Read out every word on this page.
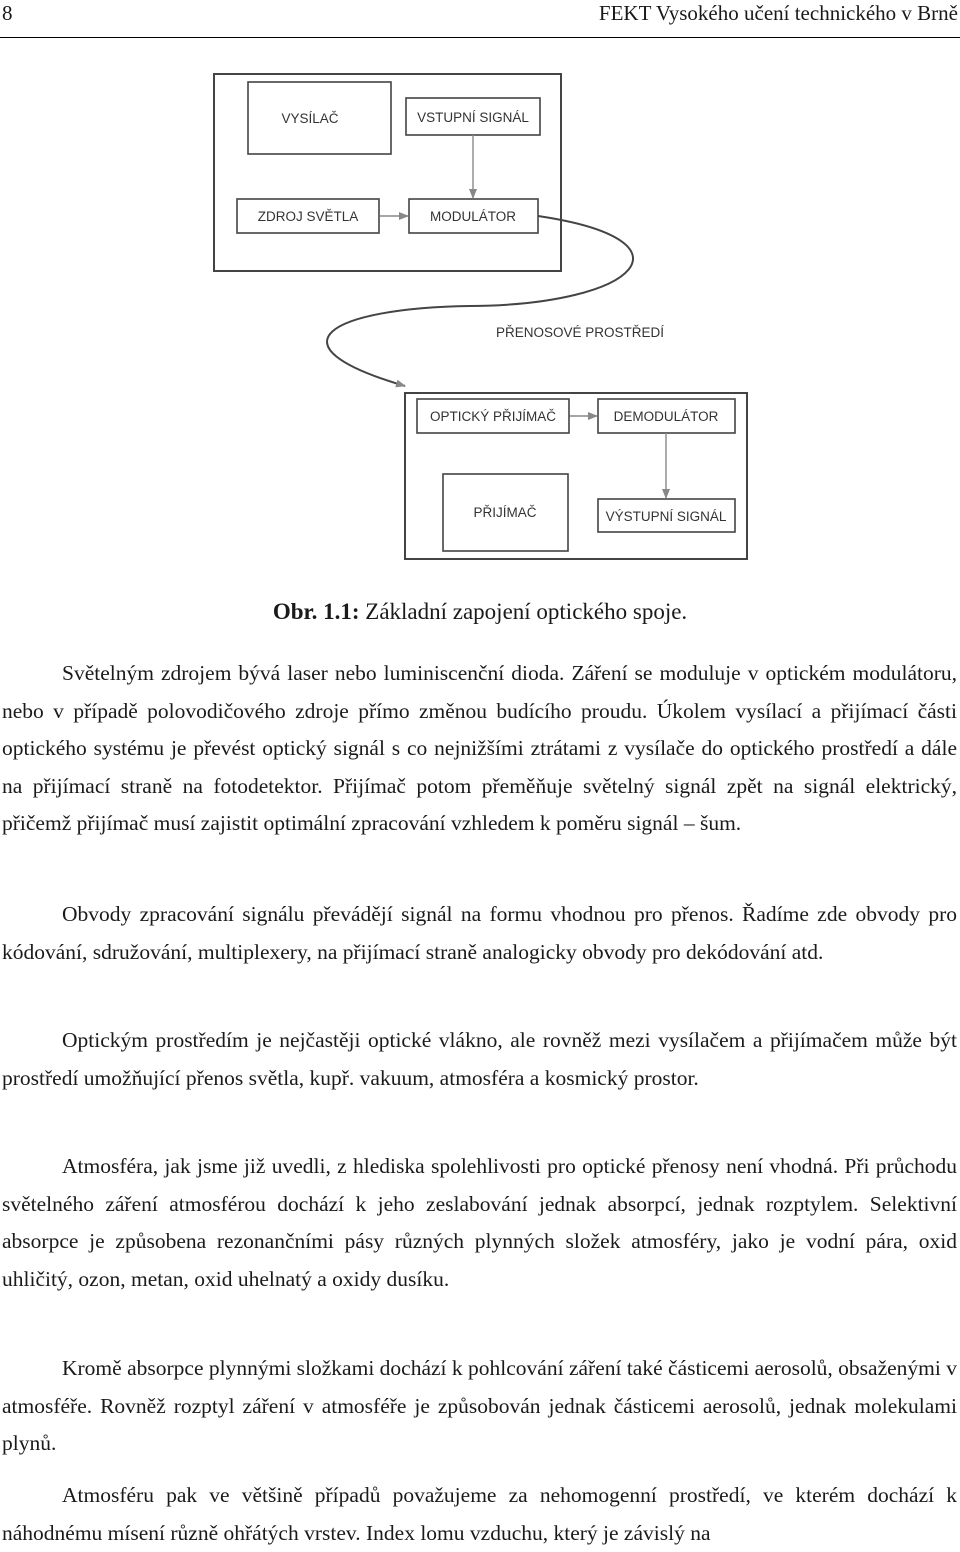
8	FEKT Vysokého učení technického v Brně
VYSÍLAČ	VSTUPNÍ SIGNÁL
ZDROJ SVĚTLA	MODULÁTOR
PŘENOSOVÉ PROSTŘEDÍ
OPTICKÝ PŘIJÍMAČ	DEMODULÁTOR
PŘIJÍMAČ	VÝSTUPNÍ SIGNÁL
Obr. 1.1: Základní zapojení optického spoje.

Světelným zdrojem bývá laser nebo luminiscenční dioda. Záření se moduluje v optickém modulátoru, nebo v případě polovodičového zdroje přímo změnou budícího proudu. Úkolem vysílací a přijímací části optického systému je převést optický signál s co nejnižšími ztrátami z vysílače do optického prostředí a dále na přijímací straně na fotodetektor. Přijímač potom přeměňuje světelný signál zpět na signál elektrický, přičemž přijímač musí zajistit optimální zpracování vzhledem k poměru signál – šum.

Obvody zpracování signálu převádějí signál na formu vhodnou pro přenos. Řadíme zde obvody pro kódování, sdružování, multiplexery, na přijímací straně analogicky obvody pro dekódování atd.

Optickým prostředím je nejčastěji optické vlákno, ale rovněž mezi vysílačem a přijímačem může být prostředí umožňující přenos světla, kupř. vakuum, atmosféra a kosmický prostor.

Atmosféra, jak jsme již uvedli, z hlediska spolehlivosti pro optické přenosy není vhodná. Při průchodu světelného záření atmosférou dochází k jeho zeslabování jednak absorpcí, jednak rozptylem. Selektivní absorpce je způsobena rezonančními pásy různých plynných složek atmosféry, jako je vodní pára, oxid uhličitý, ozon, metan, oxid uhelnatý a oxidy dusíku.

Kromě absorpce plynnými složkami dochází k pohlcování záření také částicemi aerosolů, obsaženými v atmosféře. Rovněž rozptyl záření v atmosféře je způsobován jednak částicemi aerosolů, jednak molekulami plynů.

Atmosféru pak ve většině případů považujeme za nehomogenní prostředí, ve kterém dochází k náhodnému mísení různě ohřátých vrstev. Index lomu vzduchu, který je závislý na
